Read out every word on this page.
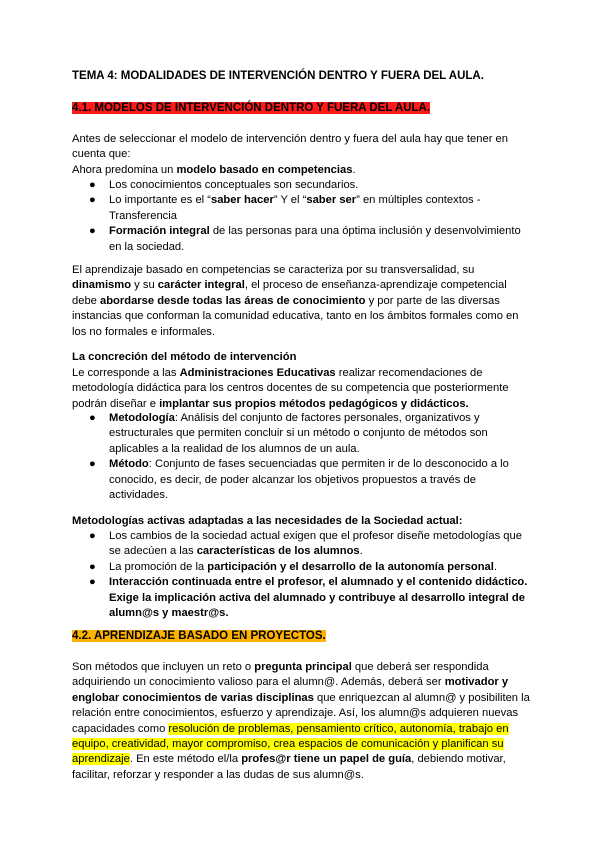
TEMA 4: MODALIDADES DE INTERVENCIÓN DENTRO Y FUERA DEL AULA.

4.1. MODELOS DE INTERVENCIÓN DENTRO Y FUERA DEL AULA.

Antes de seleccionar el modelo de intervención dentro y fuera del aula hay que tener en cuenta que:

Ahora predomina un modelo basado en competencias.

● Los conocimientos conceptuales son secundarios.
● Lo importante es el “saber hacer” Y el “saber ser” en múltiples contextos - Transferencia
● Formación integral de las personas para una óptima inclusión y desenvolvimiento en la sociedad.

El aprendizaje basado en competencias se caracteriza por su transversalidad, su dinamismo y su carácter integral, el proceso de enseñanza-aprendizaje competencial debe abordarse desde todas las áreas de conocimiento y por parte de las diversas instancias que conforman la comunidad educativa, tanto en los ámbitos formales como en los no formales e informales.

La concreción del método de intervención

Le corresponde a las Administraciones Educativas realizar recomendaciones de metodología didáctica para los centros docentes de su competencia que posteriormente podrán diseñar e implantar sus propios métodos pedagógicos y didácticos.

● Metodología: Análisis del conjunto de factores personales, organizativos y estructurales que permiten concluir si un método o conjunto de métodos son aplicables a la realidad de los alumnos de un aula.
● Método: Conjunto de fases secuenciadas que permiten ir de lo desconocido a lo conocido, es decir, de poder alcanzar los objetivos propuestos a través de actividades.

Metodologías activas adaptadas a las necesidades de la Sociedad actual:

● Los cambios de la sociedad actual exigen que el profesor diseñe metodologías que se adecúen a las características de los alumnos.
● La promoción de la participación y el desarrollo de la autonomía personal.
● Interacción continuada entre el profesor, el alumnado y el contenido didáctico. Exige la implicación activa del alumnado y contribuye al desarrollo integral de alumn@s y maestr@s.

4.2. APRENDIZAJE BASADO EN PROYECTOS.

Son métodos que incluyen un reto o pregunta principal que deberá ser respondida adquiriendo un conocimiento valioso para el alumn@. Además, deberá ser motivador y englobar conocimientos de varias disciplinas que enriquezcan al alumn@ y posibiliten la relación entre conocimientos, esfuerzo y aprendizaje. Así, los alumn@s adquieren nuevas capacidades como resolución de problemas, pensamiento crítico, autonomía, trabajo en equipo, creatividad, mayor compromiso, crea espacios de comunicación y planifican su aprendizaje. En este método el/la profes@r tiene un papel de guía, debiendo motivar, facilitar, reforzar y responder a las dudas de sus alumn@s.
